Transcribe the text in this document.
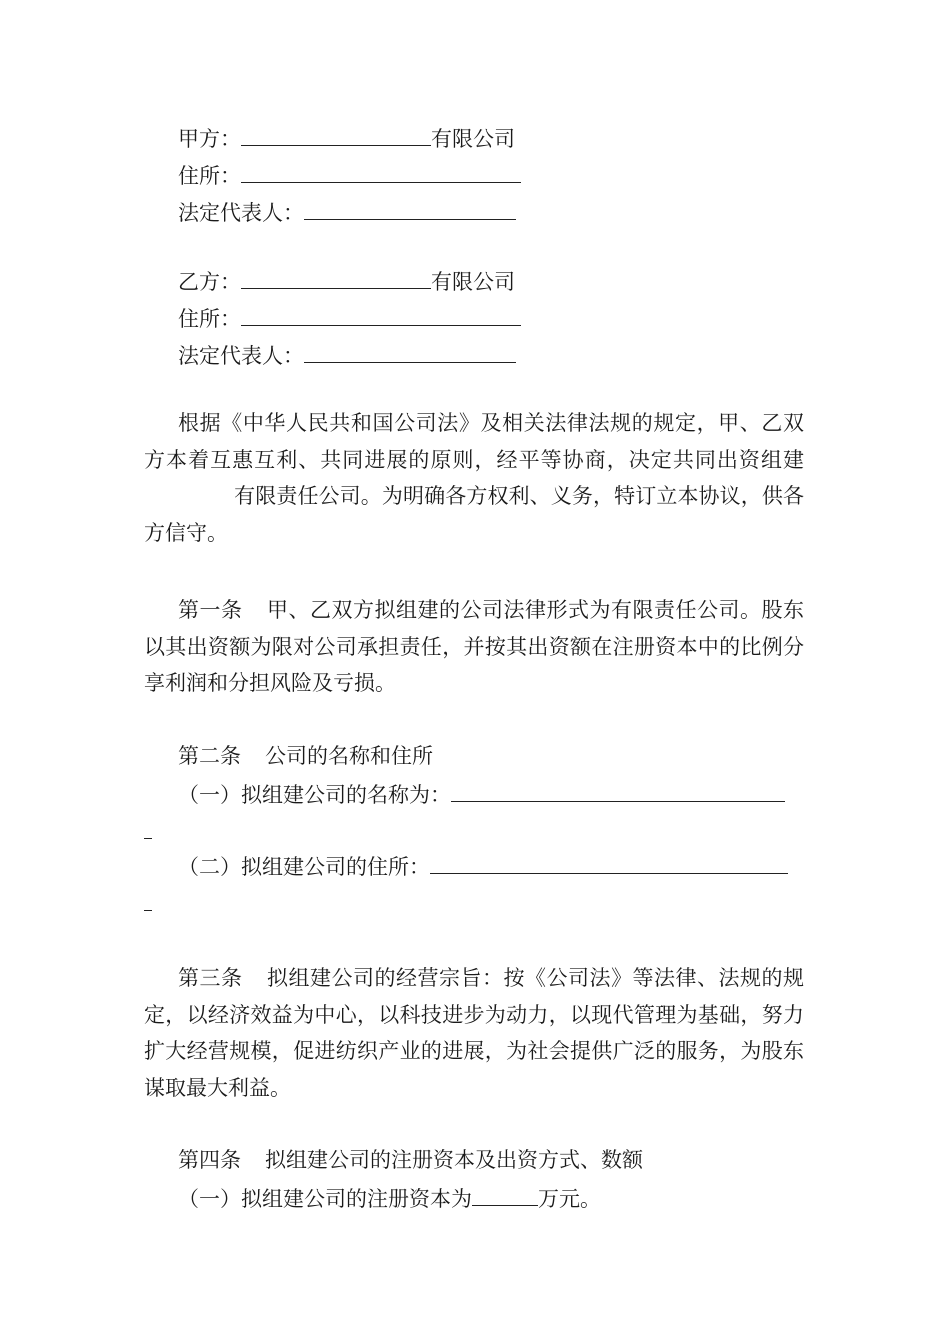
甲方：	有限公司
住所：
法定代表人：
乙方：	有限公司
住所：
法定代表人：
根据《中华人民共和国公司法》及相关法律法规的规定，甲、乙双方本着互惠互利、共同进展的原则，经平等协商，决定共同出资组建有限责任公司。为明确各方权利、义务，特订立本协议，供各方信守。
第一条 甲、乙双方拟组建的公司法律形式为有限责任公司。股东以其出资额为限对公司承担责任，并按其出资额在注册资本中的比例分享利润和分担风险及亏损。
第二条 公司的名称和住所
（一）拟组建公司的名称为：
（二）拟组建公司的住所：
第三条 拟组建公司的经营宗旨：按《公司法》等法律、法规的规定，以经济效益为中心，以科技进步为动力，以现代管理为基础，努力扩大经营规模，促进纺织产业的进展，为社会提供广泛的服务，为股东谋取最大利益。
第四条 拟组建公司的注册资本及出资方式、数额
（一）拟组建公司的注册资本为	万元。
